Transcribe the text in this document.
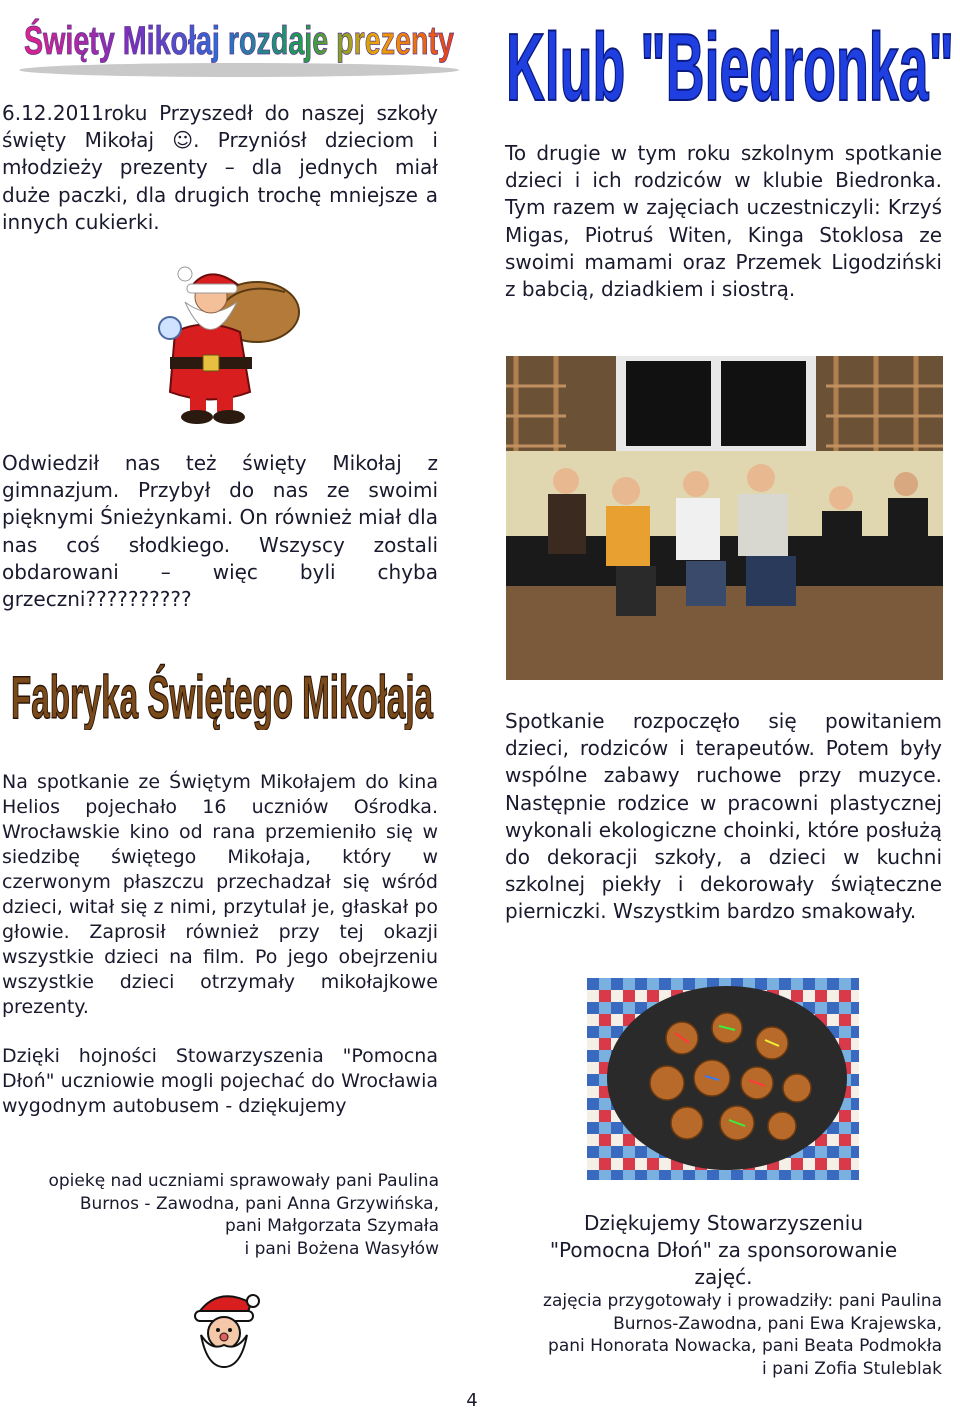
Święty Mikołaj rozdaje Klub "Biedronka"
6.12.2011roku Przyszedł do naszej szkoły święty Mikołaj ☺. Przyniósł dzieciom i młodzieży prezenty – dla jednych miał duże paczki, dla drugich trochę mniejsze a innych cukierki.
To drugie w tym roku szkolnym spotkanie dzieci i ich rodziców w klubie Biedronka. Tym razem w zajęciach uczestniczyli: Krzyś Migas, Piotruś Witen, Kinga Stoklosa ze swoimi mamami oraz Przemek Ligodziński z babcią, dziadkiem i siostrą.
Odwiedził nas też święty Mikołaj z gimnazjum. Przybył do nas ze swoimi pięknymi Śnieżynkami. On również miał dla nas coś słodkiego. Wszyscy zostali obdarowani – więc byli chyba grzeczni??????????
Fabryka Świętego Mikołaja	Spotkanie rozpoczęło się powitaniem dzieci, rodziców i terapeutów. Potem były wspólne zabawy ruchowe przy muzyce. Następnie rodzice w pracowni plastycznej wykonali ekologiczne choinki, które posłużą do dekoracji szkoły, a dzieci w kuchni szkolnej piekły i dekorowały świąteczne pierniczki. Wszystkim bardzo smakowały.
Na spotkanie ze Świętym Mikołajem do kina Helios pojechało 16 uczniów Ośrodka. Wrocławskie kino od rana przemieniło się w siedzibę świętego Mikołaja, który w czerwonym płaszczu przechadzał się wśród dzieci, witał się z nimi, przytulał je, głaskał po głowie. Zaprosił również przy tej okazji wszystkie dzieci na film. Po jego obejrzeniu wszystkie dzieci otrzymały mikołajkowe prezenty.
Dzięki hojności Stowarzyszenia "Pomocna Dłoń" uczniowie mogli pojechać do Wrocławia wygodnym autobusem - dziękujemy
opiekę nad uczniami sprawowały pani Paulina
Burnos - Zawodna, pani Anna Grzywińska,
pani Małgorzata Szymała
i pani Bożena Wasyłów
Dziękujemy Stowarzyszeniu "Pomocna Dłoń" za sponsorowanie zajęć.
zajęcia przygotowały i prowadziły: pani Paulina
Burnos-Zawodna, pani Ewa Krajewska,
pani Honorata Nowacka, pani Beata Podmokła
i pani Zofia Stuleblak
4
